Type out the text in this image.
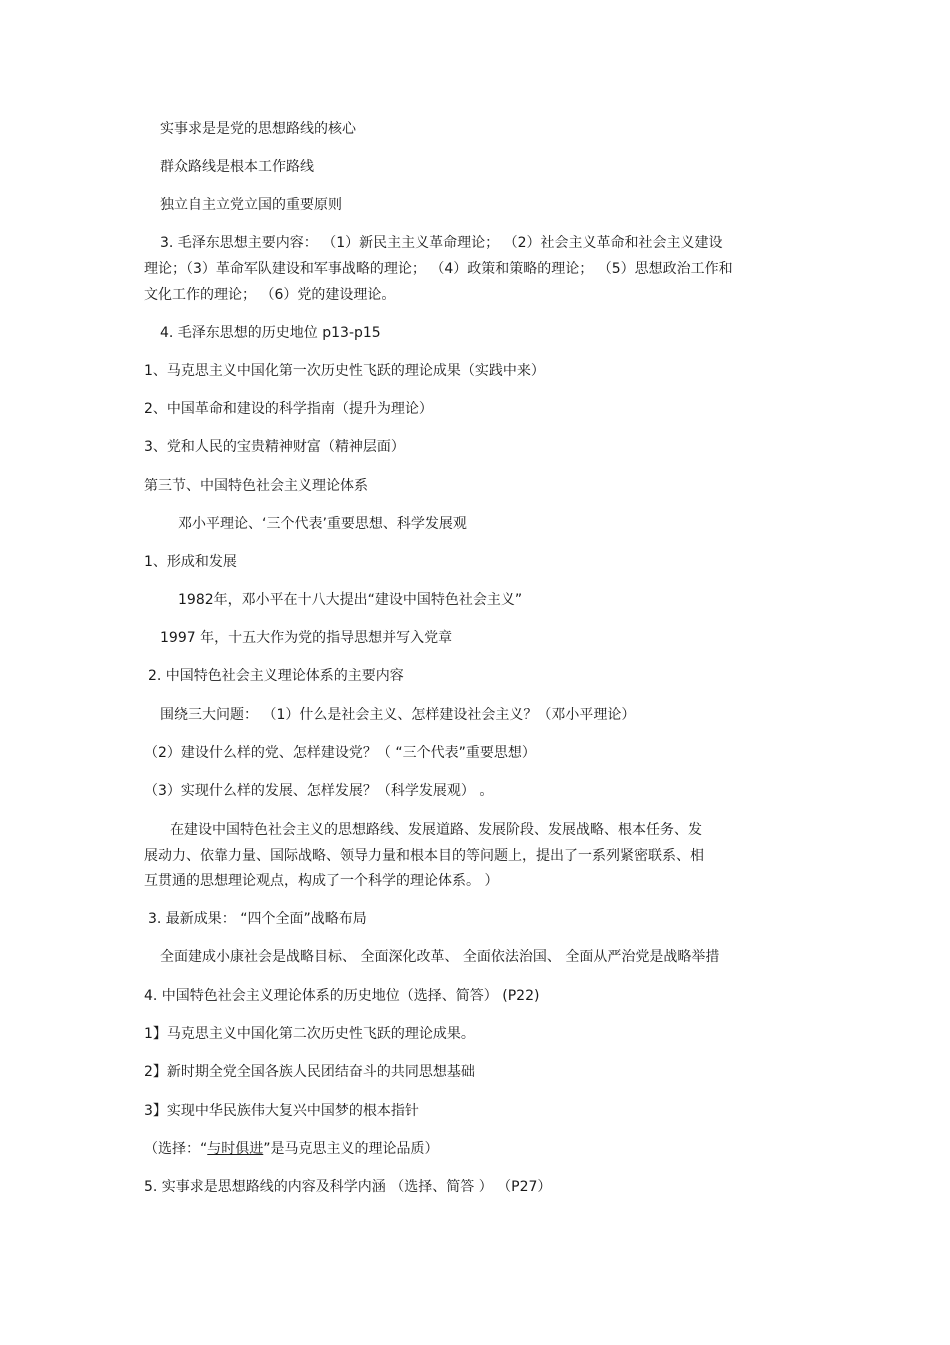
实事求是是党的思想路线的核心
群众路线是根本工作路线
独立自主立党立国的重要原则
3. 毛泽东思想主要内容： （1）新民主主义革命理论； （2）社会主义革命和社会主义建设
理论；（3）革命军队建设和军事战略的理论； （4）政策和策略的理论； （5）思想政治工作和
文化工作的理论； （6）党的建设理论。
4. 毛泽东思想的历史地位 p13-p15
1、马克思主义中国化第一次历史性飞跃的理论成果（实践中来）
2、中国革命和建设的科学指南（提升为理论）
3、党和人民的宝贵精神财富（精神层面）
第三节、中国特色社会主义理论体系
邓小平理论、‘三个代表’重要思想、科学发展观
1、形成和发展
1982年，邓小平在十八大提出“建设中国特色社会主义”
1997 年，十五大作为党的指导思想并写入党章
2. 中国特色社会主义理论体系的主要内容
围绕三大问题： （1）什么是社会主义、怎样建设社会主义？（邓小平理论）
（2）建设什么样的党、怎样建设党？（ “三个代表”重要思想）
（3）实现什么样的发展、怎样发展？（科学发展观） 。
在建设中国特色社会主义的思想路线、发展道路、发展阶段、发展战略、根本任务、发
展动力、依靠力量、国际战略、领导力量和根本目的等问题上，提出了一系列紧密联系、相
互贯通的思想理论观点，构成了一个科学的理论体系。 ）
3. 最新成果： “四个全面”战略布局
全面建成小康社会是战略目标、 全面深化改革、 全面依法治国、 全面从严治党是战略举措
4. 中国特色社会主义理论体系的历史地位（选择、简答） (P22)
1】马克思主义中国化第二次历史性飞跃的理论成果。
2】新时期全党全国各族人民团结奋斗的共同思想基础
3】实现中华民族伟大复兴中国梦的根本指针
（选择：“与时俱进”是马克思主义的理论品质）
5. 实事求是思想路线的内容及科学内涵 （选择、简答 ） （P27）
